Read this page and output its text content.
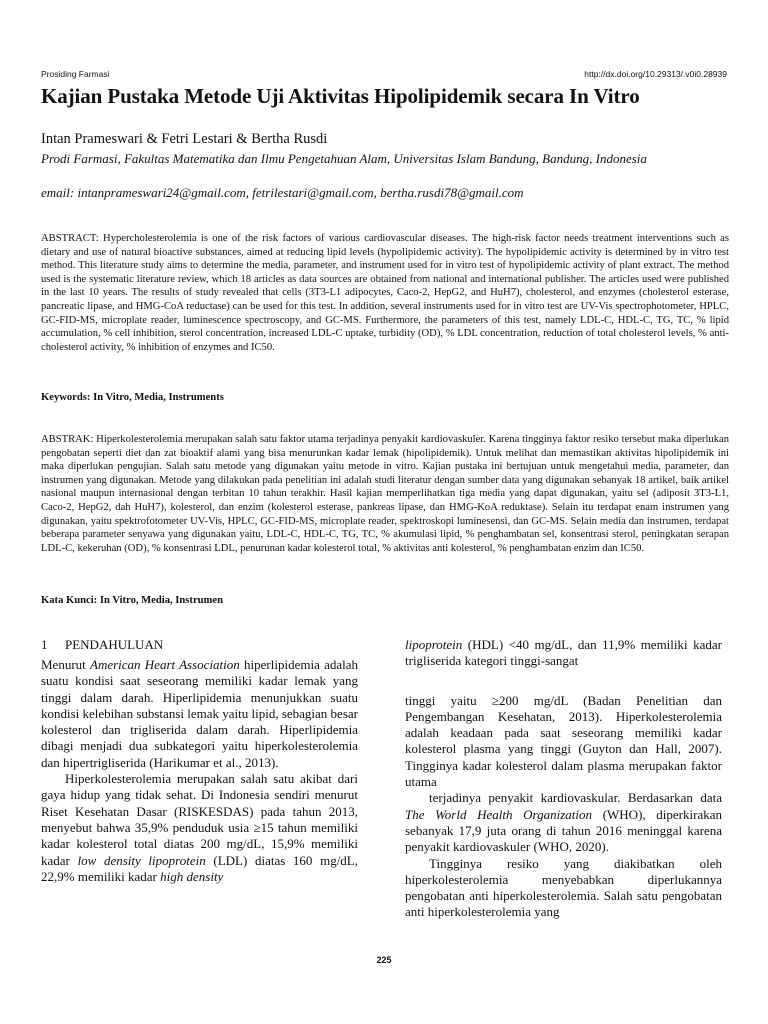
Prosiding Farmasi	http://dx.doi.org/10.29313/.v0i0.28939
Kajian Pustaka Metode Uji Aktivitas Hipolipidemik secara In Vitro
Intan Prameswari & Fetri Lestari & Bertha Rusdi
Prodi Farmasi, Fakultas Matematika dan Ilmu Pengetahuan Alam, Universitas Islam Bandung, Bandung, Indonesia
email: intanprameswari24@gmail.com, fetrilestari@gmail.com, bertha.rusdi78@gmail.com

ABSTRACT: Hypercholesterolemia is one of the risk factors of various cardiovascular diseases. The high-risk factor needs treatment interventions such as dietary and use of natural bioactive substances, aimed at reducing lipid levels (hypolipidemic activity). The hypolipidemic activity is determined by in vitro test method. This literature study aims to determine the media, parameter, and instrument used for in vitro test of hypolipidemic activity of plant extract. The method used is the systematic literature review, which 18 articles as data sources are obtained from national and international publisher. The articles used were published in the last 10 years. The results of study revealed that cells (3T3-L1 adipocytes, Caco-2, HepG2, and HuH7), cholesterol, and enzymes (cholesterol esterase, pancreatic lipase, and HMG-CoA reductase) can be used for this test. In addition, several instruments used for in vitro test are UV-Vis spectrophotometer, HPLC, GC-FID-MS, microplate reader, luminescence spectroscopy, and GC-MS. Furthermore, the parameters of this test, namely LDL-C, HDL-C, TG, TC, % lipid accumulation, % cell inhibition, sterol concentration, increased LDL-C uptake, turbidity (OD), % LDL concentration, reduction of total cholesterol levels, % anti-cholesterol activity, % inhibition of enzymes and IC50.

Keywords: In Vitro, Media, Instruments

ABSTRAK: Hiperkolesterolemia merupakan salah satu faktor utama terjadinya penyakit kardiovaskuler. Karena tingginya faktor resiko tersebut maka diperlukan pengobatan seperti diet dan zat bioaktif alami yang bisa menurunkan kadar lemak (hipolipidemik). Untuk melihat dan memastikan aktivitas hipolipidemik ini maka diperlukan pengujian. Salah satu metode yang digunakan yaitu metode in vitro. Kajian pustaka ini bertujuan untuk mengetahui media, parameter, dan instrumen yang digunakan. Metode yang dilakukan pada penelitian ini adalah studi literatur dengan sumber data yang digunakan sebanyak 18 artikel, baik artikel nasional maupun internasional dengan terbitan 10 tahun terakhir. Hasil kajian memperlihatkan tiga media yang dapat digunakan, yaitu sel (adiposit 3T3-L1, Caco-2, HepG2, dah HuH7), kolesterol, dan enzim (kolesterol esterase, pankreas lipase, dan HMG-KoA reduktase). Selain itu terdapat enam instrumen yang digunakan, yaitu spektrofotometer UV-Vis, HPLC, GC-FID-MS, microplate reader, spektroskopi luminesensi, dan GC-MS. Selain media dan instrumen, terdapat beberapa parameter senyawa yang digunakan yaitu, LDL-C, HDL-C, TG, TC, % akumulasi lipid, % penghambatan sel, konsentrasi sterol, peningkatan serapan LDL-C, kekeruhan (OD), % konsentrasi LDL, penurunan kadar kolesterol total, % aktivitas anti kolesterol, % penghambatan enzim dan IC50.

Kata Kunci: In Vitro, Media, Instrumen
1 PENDAHULUAN

Menurut American Heart Association hiperlipidemia adalah suatu kondisi saat seseorang memiliki kadar lemak yang tinggi dalam darah. Hiperlipidemia menunjukkan suatu kondisi kelebihan substansi lemak yaitu lipid, sebagian besar kolesterol dan trigliserida dalam darah. Hiperlipidemia dibagi menjadi dua subkategori yaitu hiperkolesterolemia dan hipertrigliserida (Harikumar et al., 2013).

Hiperkolesterolemia merupakan salah satu akibat dari gaya hidup yang tidak sehat. Di Indonesia sendiri menurut Riset Kesehatan Dasar (RISKESDAS) pada tahun 2013, menyebut bahwa 35,9% penduduk usia ≥15 tahun memiliki kadar kolesterol total diatas 200 mg/dL, 15,9% memiliki kadar low density lipoprotein (LDL) diatas 160 mg/dL, 22,9% memiliki kadar high density

lipoprotein (HDL) <40 mg/dL, dan 11,9% memiliki kadar trigliserida kategori tinggi-sangat

tinggi yaitu ≥200 mg/dL (Badan Penelitian dan Pengembangan Kesehatan, 2013). Hiperkolesterolemia adalah keadaan pada saat seseorang memiliki kadar kolesterol plasma yang tinggi (Guyton dan Hall, 2007). Tingginya kadar kolesterol dalam plasma merupakan faktor utama

terjadinya penyakit kardiovaskular. Berdasarkan data The World Health Organization (WHO), diperkirakan sebanyak 17,9 juta orang di tahun 2016 meninggal karena penyakit kardiovaskuler (WHO, 2020).

Tingginya resiko yang diakibatkan oleh hiperkolesterolemia menyebabkan diperlukannya pengobatan anti hiperkolesterolemia. Salah satu pengobatan anti hiperkolesterolemia yang

225
